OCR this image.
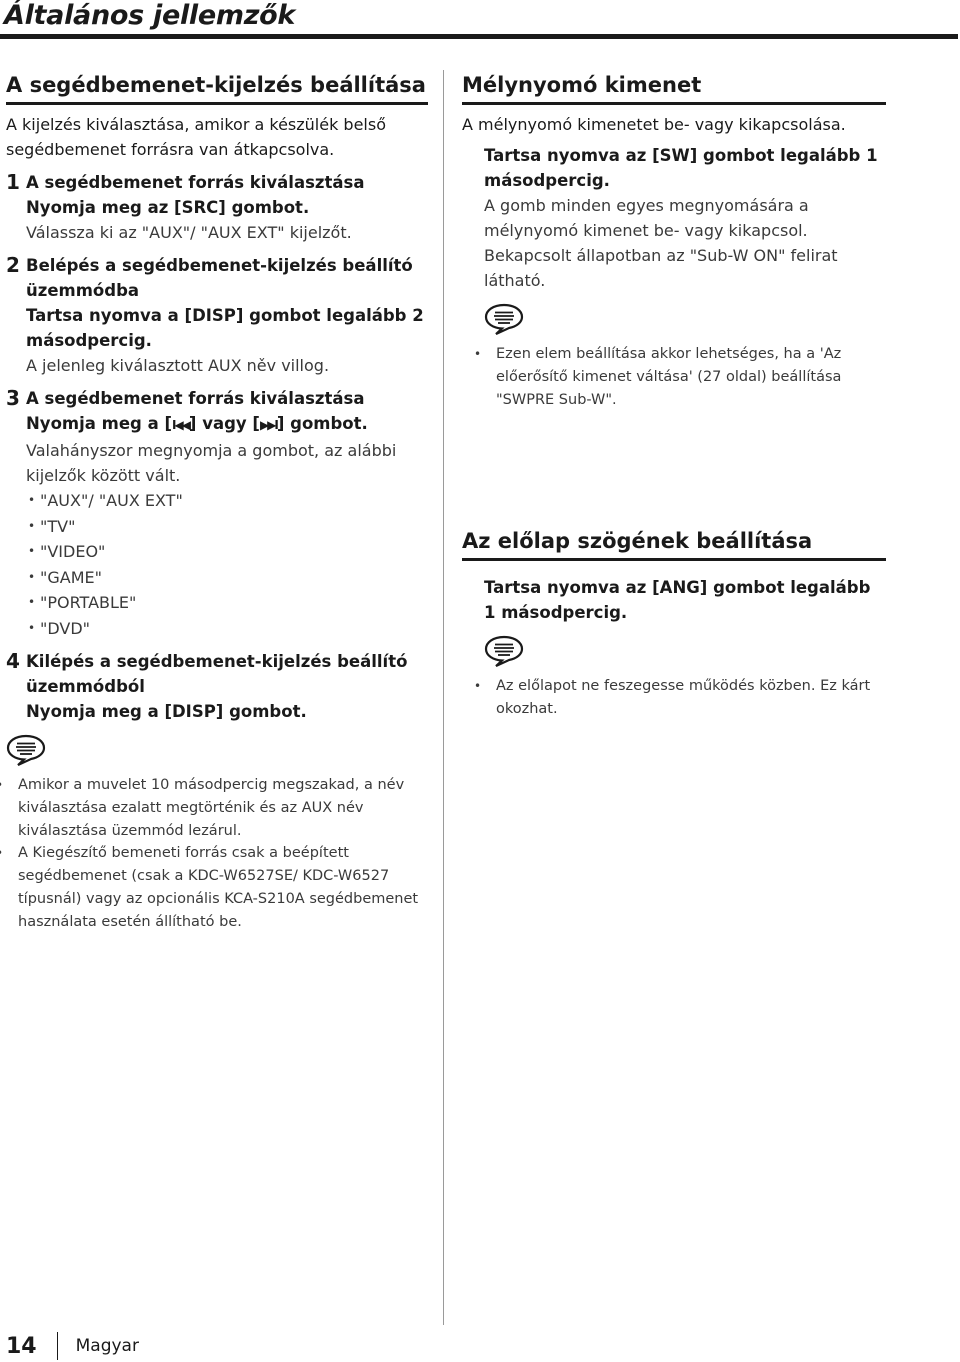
Általános jellemzők
A segédbemenet-kijelzés beállítása

A kijelzés kiválasztása, amikor a készülék belső segédbemenet forrásra van átkapcsolva.

1 A segédbemenet forrás kiválasztása
Nyomja meg az [SRC] gombot.
Válassza ki az "AUX"/ "AUX EXT" kijelzőt.
2 Belépés a segédbemenet-kijelzés beállító üzemmódba
Tartsa nyomva a [DISP] gombot legalább 2 másodpercig.
A jelenleg kiválasztott AUX něv villog.
3 A segédbemenet forrás kiválasztása
Nyomja meg a [I◀◀] vagy [▶▶I] gombot.
Valahányszor megnyomja a gombot, az alábbi kijelzők között vált.
• "AUX"/ "AUX EXT"
• "TV"
• "VIDEO"
• "GAME"
• "PORTABLE"
• "DVD"
4 Kilépés a segédbemenet-kijelzés beállító üzemmódból
Nyomja meg a [DISP] gombot.
• Amikor a muvelet 10 másodpercig megszakad, a név kiválasztása ezalatt megtörténik és az AUX név kiválasztása üzemmód lezárul.
• A Kiegészítő bemeneti forrás csak a beépített segédbemenet (csak a KDC-W6527SE/ KDC-W6527 típusnál) vagy az opcionális KCA-S210A segédbemenet használata esetén állítható be.
Mélynyomó kimenet

A mélynyomó kimenetet be- vagy kikapcsolása.

Tartsa nyomva az [SW] gombot legalább 1 másodpercig.
A gomb minden egyes megnyomására a mélynyomó kimenet be- vagy kikapcsol. Bekapcsolt állapotban az "Sub-W ON" felirat látható.
• Ezen elem beállítása akkor lehetséges, ha a 'Az előerősítő kimenet váltása' (27 oldal) beállítása "SWPRE Sub-W".
Az előlap szögének beállítása
Tartsa nyomva az [ANG] gombot legalább 1 másodpercig.
• Az előlapot ne feszegesse működés közben. Ez kárt okozhat.
14 Magyar
